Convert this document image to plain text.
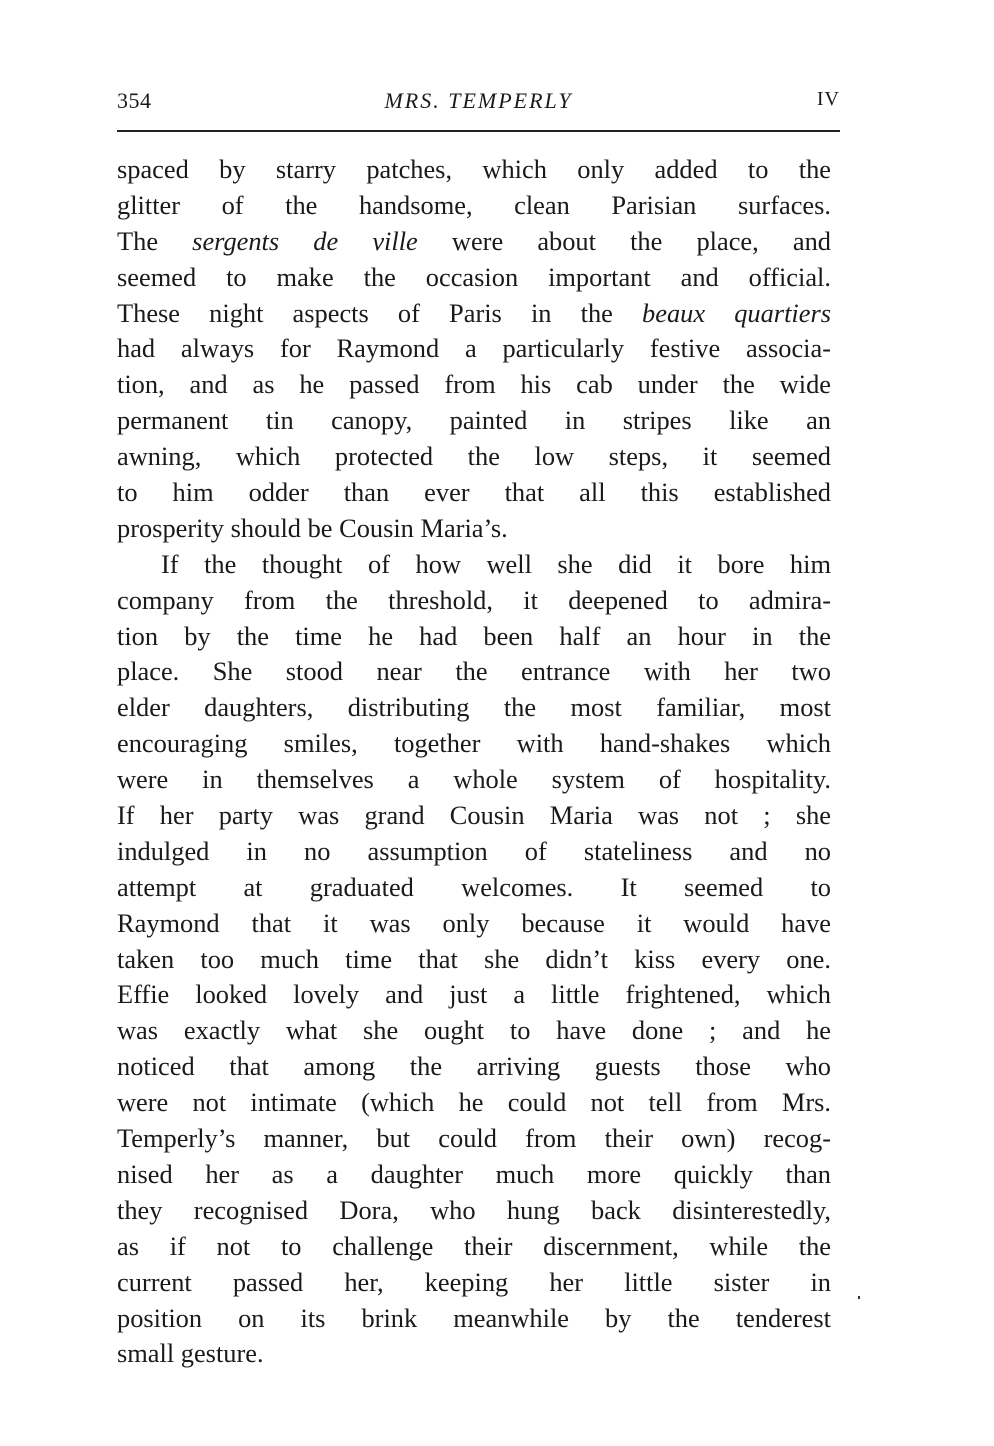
354	MRS. TEMPERLY	IV
spaced by starry patches, which only added to the
glitter of the handsome, clean Parisian surfaces.
The sergents de ville were about the place, and
seemed to make the occasion important and official.
These night aspects of Paris in the beaux quartiers
had always for Raymond a particularly festive associa-
tion, and as he passed from his cab under the wide
permanent tin canopy, painted in stripes like an
awning, which protected the low steps, it seemed
to him odder than ever that all this established
prosperity should be Cousin Maria’s.
If the thought of how well she did it bore him
company from the threshold, it deepened to admira-
tion by the time he had been half an hour in the
place. She stood near the entrance with her two
elder daughters, distributing the most familiar, most
encouraging smiles, together with hand-shakes which
were in themselves a whole system of hospitality.
If her party was grand Cousin Maria was not ; she
indulged in no assumption of stateliness and no
attempt at graduated welcomes. It seemed to
Raymond that it was only because it would have
taken too much time that she didn’t kiss every one.
Effie looked lovely and just a little frightened, which
was exactly what she ought to have done ; and he
noticed that among the arriving guests those who
were not intimate (which he could not tell from Mrs.
Temperly’s manner, but could from their own) recog-
nised her as a daughter much more quickly than
they recognised Dora, who hung back disinterestedly,
as if not to challenge their discernment, while the
current passed her, keeping her little sister in
position on its brink meanwhile by the tenderest
small gesture.
